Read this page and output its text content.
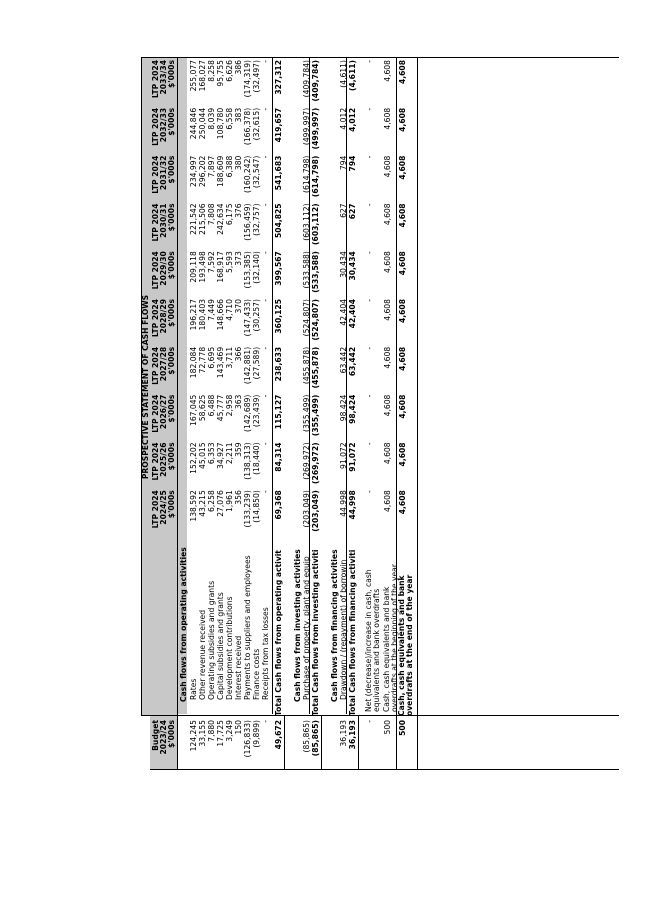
PROSPECTIVE STATEMENT OF CASH FLOWS
Budget 2023/24 $'000s
LTP 2024 2024/25 $'000s
LTP 2024 2025/26 $'000s
LTP 2024 2026/27 $'000s
LTP 2024 2027/28 $'000s
LTP 2024 2028/29 $'000s
LTP 2024 2029/30 $'000s
LTP 2024 2030/31 $'000s
LTP 2024 2031/32 $'000s
LTP 2024 2032/33 $'000s
LTP 2024 2033/34 $'000s
Cash flows from operating activities Rates
124,245
138,592
152,202
167,045
182,084
196,217
209,118
221,542
234,997
244,846
255,077
Other revenue received
33,155
43,215
45,015
58,625
72,778
180,403
193,498
215,506
296,202
250,044
168,027
Operating subsidies and grants
7,880
6,258
6,353
6,488
6,695
7,449
7,592
7,808
7,897
8,039
8,258
Capital subsidies and grants
17,725
27,076
34,927
45,777
143,469
148,666
168,917
242,634
188,609
108,780
95,755
Development contributions
3,249
1,961
2,211
2,958
3,711
4,710
5,593
6,175
6,388
6,558
6,626
Interest received
150
356
359
363
366
370
373
376
380
383
386
Payments to suppliers and employees
(126,833)
(133,239)
(138,313)
(142,689)
(142,881)
(147,433)
(153,385)
(156,459)
(160,242)
(166,378)
(174,319)
Finance costs
(9,899)
(14,850)
(18,440)
(23,439)
(27,589)
(30,257)
(32,140)
(32,757)
(32,547)
(32,615)
(32,497)
Receipts from tax losses
-
-
-
-
-
-
-
-
-
-
-
Total Cash flows from operating activit
49,672
69,368
84,314
115,127
238,633
360,125
399,567
504,825
541,683
419,657
327,312
Cash flows from investing activities Purchase of property, plant and equip
(85,865)
(203,049)
(269,972)
(355,499)
(455,878)
(524,807)
(533,588)
(603,112)
(614,798)
(499,997)
(409,784)
Total Cash flows from investing activiti
(85,865)
(203,049)
(269,972)
(355,499)
(455,878)
(524,807)
(533,588)
(603,112)
(614,798)
(499,997)
(409,784)
Cash flows from financing activities Drawdown / (repayment) of borrowin
36,193
44,998
91,072
98,424
63,442
42,404
30,434
627
794
4,012
(4,611)
Total Cash flows from financing activiti
36,193
44,998
91,072
98,424
63,442
42,404
30,434
627
794
4,012
(4,611)
Net (decrease)/increase in cash, cash equivalents and bank overdrafts
-
-
-
-
-
-
-
-
-
-
-
Cash, cash equivalents and bank overdrafts at the beginning of the year
500
4,608
4,608
4,608
4,608
4,608
4,608
4,608
4,608
4,608
4,608
Cash, cash equivalents and bank overdrafts at the end of the year
500
4,608
4,608
4,608
4,608
4,608
4,608
4,608
4,608
4,608
4,608
